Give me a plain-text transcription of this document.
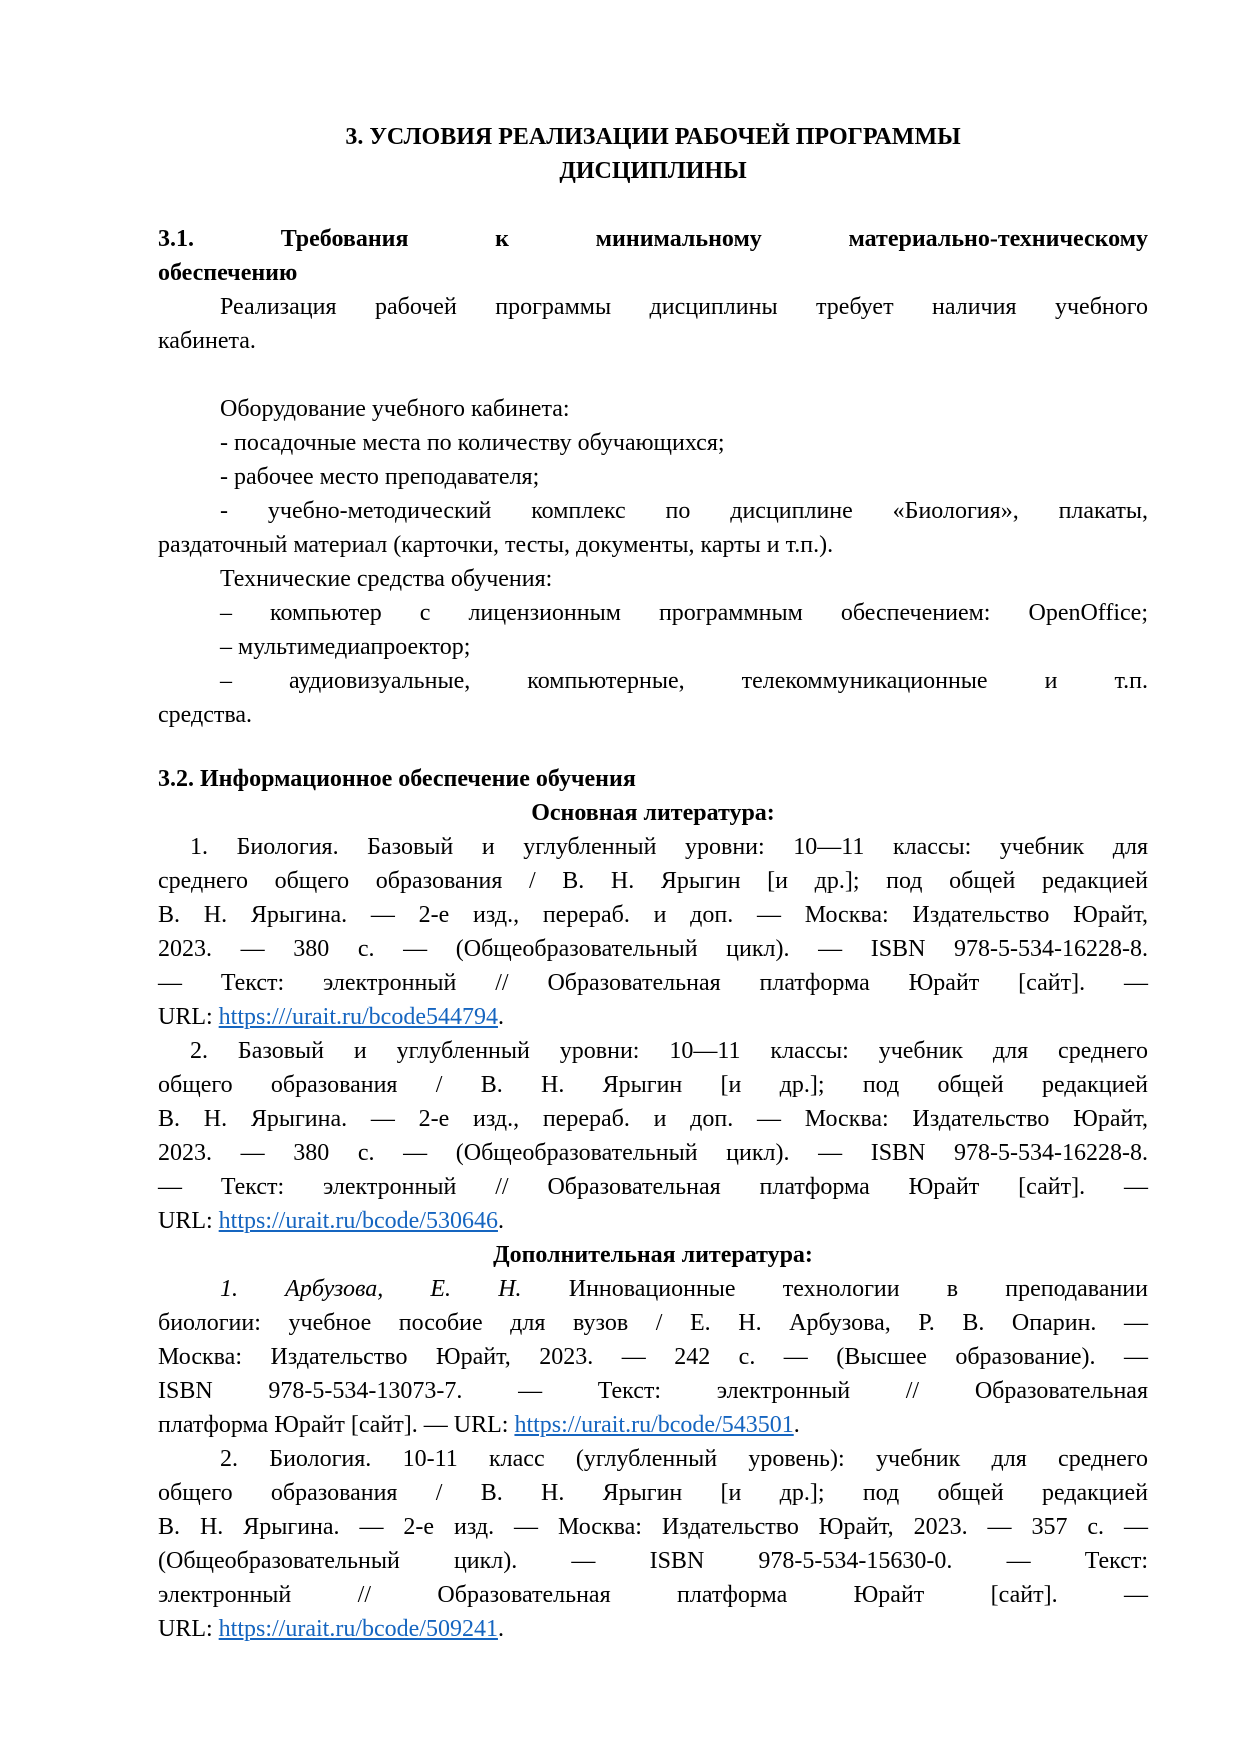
3. УСЛОВИЯ РЕАЛИЗАЦИИ РАБОЧЕЙ ПРОГРАММЫ
ДИСЦИПЛИНЫ
3.1. Требования к минимальному материально-техническому
обеспечению
Реализация рабочей программы дисциплины требует наличия учебного
кабинета.
Оборудование учебного кабинета:
- посадочные места по количеству обучающихся;
- рабочее место преподавателя;
- учебно-методический комплекс по дисциплине «Биология», плакаты,
раздаточный материал (карточки, тесты, документы, карты и т.п.).
Технические средства обучения:
– компьютер с лицензионным программным обеспечением: OpenOffice;
– мультимедиапроектор;
– аудиовизуальные, компьютерные, телекоммуникационные и т.п.
средства.
3.2. Информационное обеспечение обучения
Основная литература:
1. Биология. Базовый и углубленный уровни: 10—11 классы: учебник для
среднего общего образования / В. Н. Ярыгин [и др.]; под общей редакцией
В. Н. Ярыгина. — 2-е изд., перераб. и доп. — Москва: Издательство Юрайт,
2023. — 380 с. — (Общеобразовательный цикл). — ISBN 978-5-534-16228-8.
— Текст: электронный // Образовательная платформа Юрайт [сайт]. —
URL: https:///urait.ru/bcode544794.
2. Базовый и углубленный уровни: 10—11 классы: учебник для среднего
общего образования / В. Н. Ярыгин [и др.]; под общей редакцией
В. Н. Ярыгина. — 2-е изд., перераб. и доп. — Москва: Издательство Юрайт,
2023. — 380 с. — (Общеобразовательный цикл). — ISBN 978-5-534-16228-8.
— Текст: электронный // Образовательная платформа Юрайт [сайт]. —
URL: https://urait.ru/bcode/530646.
Дополнительная литература:
1. Арбузова, Е. Н. Инновационные технологии в преподавании
биологии: учебное пособие для вузов / Е. Н. Арбузова, Р. В. Опарин. —
Москва: Издательство Юрайт, 2023. — 242 с. — (Высшее образование). —
ISBN 978-5-534-13073-7. — Текст: электронный // Образовательная
платформа Юрайт [сайт]. — URL: https://urait.ru/bcode/543501.
2. Биология. 10-11 класс (углубленный уровень): учебник для среднего
общего образования / В. Н. Ярыгин [и др.]; под общей редакцией
В. Н. Ярыгина. — 2-е изд. — Москва: Издательство Юрайт, 2023. — 357 с. —
(Общеобразовательный цикл). — ISBN 978-5-534-15630-0. — Текст:
электронный // Образовательная платформа Юрайт [сайт]. —
URL: https://urait.ru/bcode/509241.
